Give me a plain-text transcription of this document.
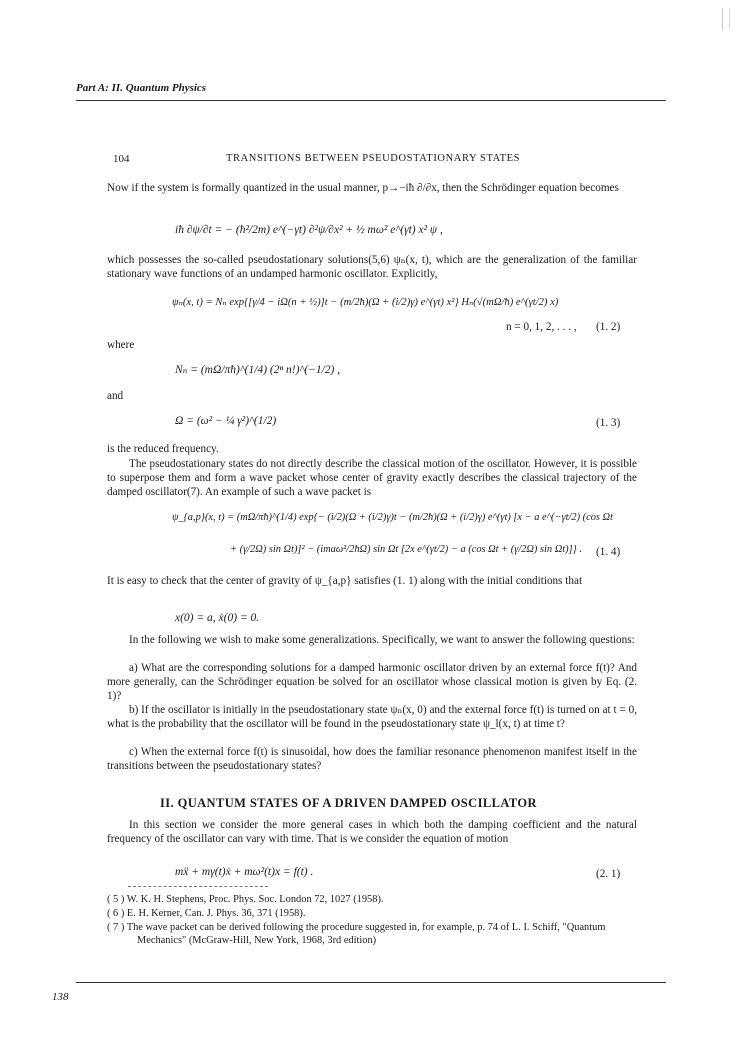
Part A: II. Quantum Physics
104	TRANSITIONS BETWEEN PSEUDOSTATIONARY STATES
Now if the system is formally quantized in the usual manner, p→−iħ ∂/∂x, then the Schrödinger equation becomes
iħ ∂ψ/∂t = − (ħ²/2m) e^(−γt) ∂²ψ/∂x² + ½ mω² e^(γt) x² ψ ,
which possesses the so-called pseudostationary solutions(5,6) ψₙ(x, t), which are the generalization of the familiar stationary wave functions of an undamped harmonic oscillator. Explicitly,
ψₙ(x, t) = Nₙ exp{[γ/4 − iΩ(n + ½)]t − (m/2ħ)(Ω + (i/2)γ) e^(γt) x²} Hₙ(√(mΩ/ħ) e^(γt/2) x)
n = 0, 1, 2, . . . , (1. 2)
where
Nₙ = (mΩ/πħ)^(1/4) (2ⁿ n!)^(−1/2) ,
and
Ω = (ω² − ¼ γ²)^(1/2)	(1. 3)
is the reduced frequency.
The pseudostationary states do not directly describe the classical motion of the oscillator. However, it is possible to superpose them and form a wave packet whose center of gravity exactly describes the classical trajectory of the damped oscillator(7). An example of such a wave packet is
ψ_{a,p}(x, t) = (mΩ/πħ)^(1/4) exp{− (i/2)(Ω + (i/2)γ)t − (m/2ħ)(Ω + (i/2)γ) e^(γt) [x − a e^(−γt/2) (cos Ωt
+ (γ/2Ω) sin Ωt)]² − (imaω²/2ħΩ) sin Ωt [2x e^(γt/2) − a (cos Ωt + (γ/2Ω) sin Ωt)]} . (1. 4)
It is easy to check that the center of gravity of ψ_{a,p} satisfies (1. 1) along with the initial conditions that
x(0) = a, ẋ(0) = 0.
In the following we wish to make some generalizations. Specifically, we want to answer the following questions:
a) What are the corresponding solutions for a damped harmonic oscillator driven by an external force f(t)? And more generally, can the Schrödinger equation be solved for an oscillator whose classical motion is given by Eq. (2. 1)?
b) If the oscillator is initially in the pseudostationary state ψₙ(x, 0) and the external force f(t) is turned on at t = 0, what is the probability that the oscillator will be found in the pseudostationary state ψ_l(x, t) at time t?
c) When the external force f(t) is sinusoidal, how does the familiar resonance phenomenon manifest itself in the transitions between the pseudostationary states?
II. QUANTUM STATES OF A DRIVEN DAMPED OSCILLATOR
In this section we consider the more general cases in which both the damping coefficient and the natural frequency of the oscillator can vary with time. That is we consider the equation of motion
mẍ + mγ(t)ẋ + mω²(t)x = f(t) .	(2. 1)
( 5 ) W. K. H. Stephens, Proc. Phys. Soc. London 72, 1027 (1958).
( 6 ) E. H. Kerner, Can. J. Phys. 36, 371 (1958).
( 7 ) The wave packet can be derived following the procedure suggested in, for example, p. 74 of L. I. Schiff, "Quantum Mechanics" (McGraw-Hill, New York, 1968, 3rd edition)
138
